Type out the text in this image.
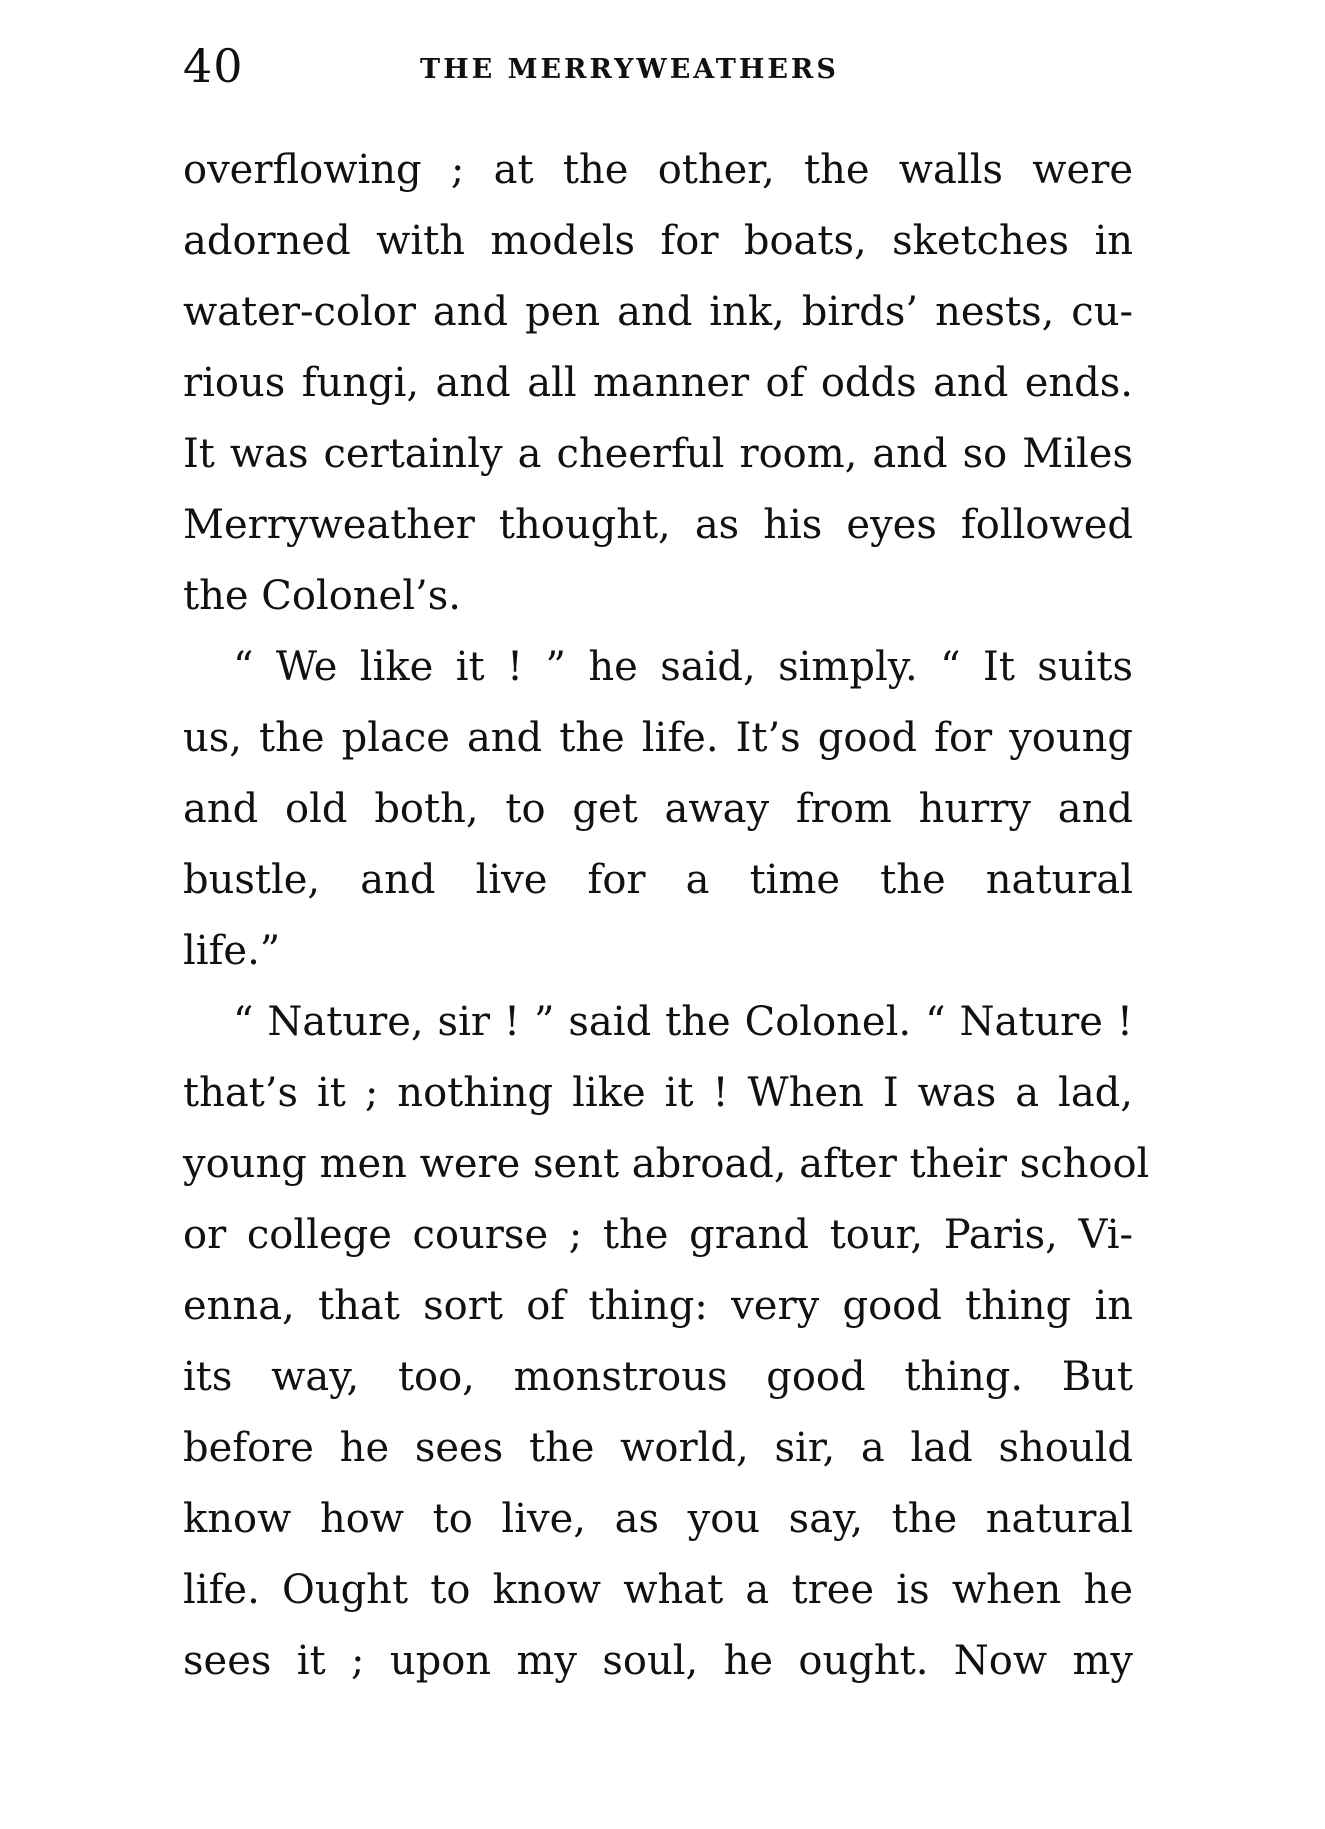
40	THE MERRYWEATHERS
overflowing ; at the other, the walls were
adorned with models for boats, sketches in
water-color and pen and ink, birds’ nests, cu-
rious fungi, and all manner of odds and ends.
It was certainly a cheerful room, and so Miles
Merryweather thought, as his eyes followed
the Colonel’s.
“ We like it ! ” he said, simply. “ It suits
us, the place and the life. It’s good for young
and old both, to get away from hurry and
bustle, and live for a time the natural
life.”
“ Nature, sir ! ” said the Colonel. “ Nature !
that’s it ; nothing like it ! When I was a lad,
young men were sent abroad, after their school
or college course ; the grand tour, Paris, Vi-
enna, that sort of thing: very good thing in
its way, too, monstrous good thing. But
before he sees the world, sir, a lad should
know how to live, as you say, the natural
life. Ought to know what a tree is when he
sees it ; upon my soul, he ought. Now my
